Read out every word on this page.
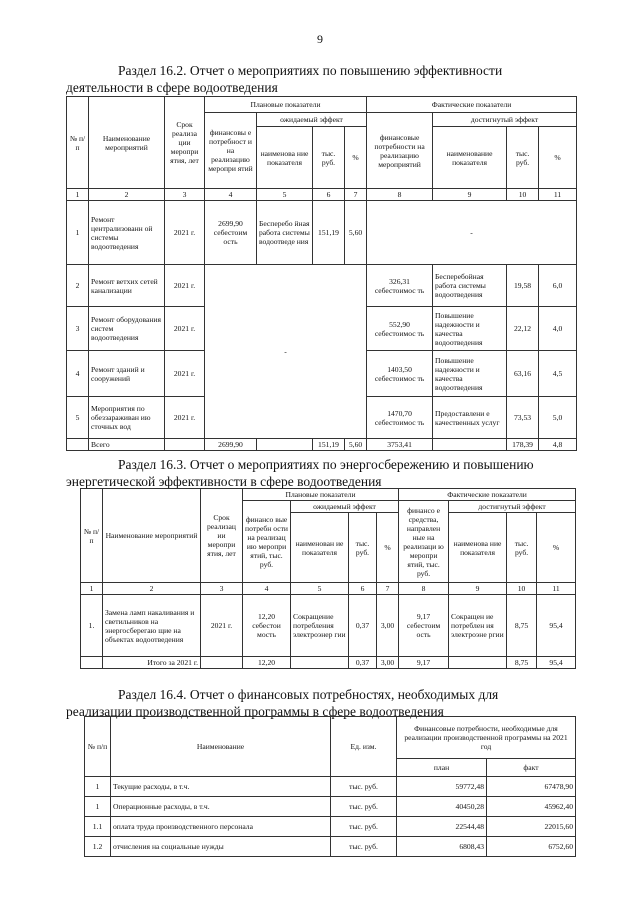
9
Раздел 16.2. Отчет о мероприятиях по повышению эффективности
деятельности в сфере водоотведения
№ п/ п	Наименование мероприятий	Срок реализа ции меропри ятия, лет	Плановые показатели				Фактические показатели			
			финансовы е потребност и на реализацию меропри ятий	ожидаемый эффект			финансовые потребности на реализацию мероприятий	достигнутый эффект		
				наименова ние показателя	тыс. руб.	%		наименование показателя	тыс. руб.	%
1	2	3	4	5	6	7	8	9	10	11
1	Ремонт централизованн ой системы водоотведения	2021 г.	2699,90 себестоим ость	Бесперебо йная работа системы водоотведе ния	151,19	5,60	-			
2	Ремонт ветхих сетей канализации	2021 г.	-				326,31 себестоимос ть	Бесперебойная работа системы водоотведения	19,58	6,0
3	Ремонт оборудования систем водоотведения	2021 г.					552,90 себестоимос ть	Повышение надежности и качества водоотведения	22,12	4,0
4	Ремонт зданий и сооружений	2021 г.					1403,50 себестоимос ть	Повышение надежности и качества водоотведения	63,16	4,5
5	Мероприятия по обеззараживан ию сточных вод	2021 г.					1470,70 себестоимос ть	Предоставлени е качественных услуг	73,53	5,0
	Всего		2699,90		151,19	5,60	3753,41		178,39	4,8
Раздел 16.3. Отчет о мероприятиях по энергосбережению и повышению
энергетической эффективности в сфере водоотведения
№ п/п	Наименование мероприятий	Срок реализац ии меропри ятия, лет	Плановые показатели				Фактические показатели			
			финансо вые потребн ости на реализац ию меропри ятий, тыс. руб.	ожидаемый эффект			финансо е средства, направлен ные на реализаци ю меропри ятий, тыс. руб.	достигнутый эффект		
				наименован ие показателя	тыс. руб.	%		наименова ние показателя	тыс. руб.	%
1	2	3	4	5	6	7	8	9	10	11
1.	Замена ламп накаливания и светильников на энергосберегаю щие на объектах водоотведения	2021 г.	12,20 себестои мость	Сокращение потребления электроэнер гии	0,37	3,00	9,17 себестоим ость	Сокращен ие потреблен ия электроэне ргии	8,75	95,4
	Итого за 2021 г.		12,20		0,37	3,00	9,17		8,75	95,4
Раздел 16.4. Отчет о финансовых потребностях, необходимых для
реализации производственной программы в сфере водоотведения
№ п/п	Наименование	Ед. изм.	Финансовые потребности, необходимые для реализации производственной программы на 2021 год	
			план	факт
1	Текущие расходы, в т.ч.	тыс. руб.	59772,48	67478,90
1	Операционные расходы, в т.ч.	тыс. руб.	40450,28	45962,40
1.1	оплата труда производственного персонала	тыс. руб.	22544,48	22015,60
1.2	отчисления на социальные нужды	тыс. руб.	6808,43	6752,60
